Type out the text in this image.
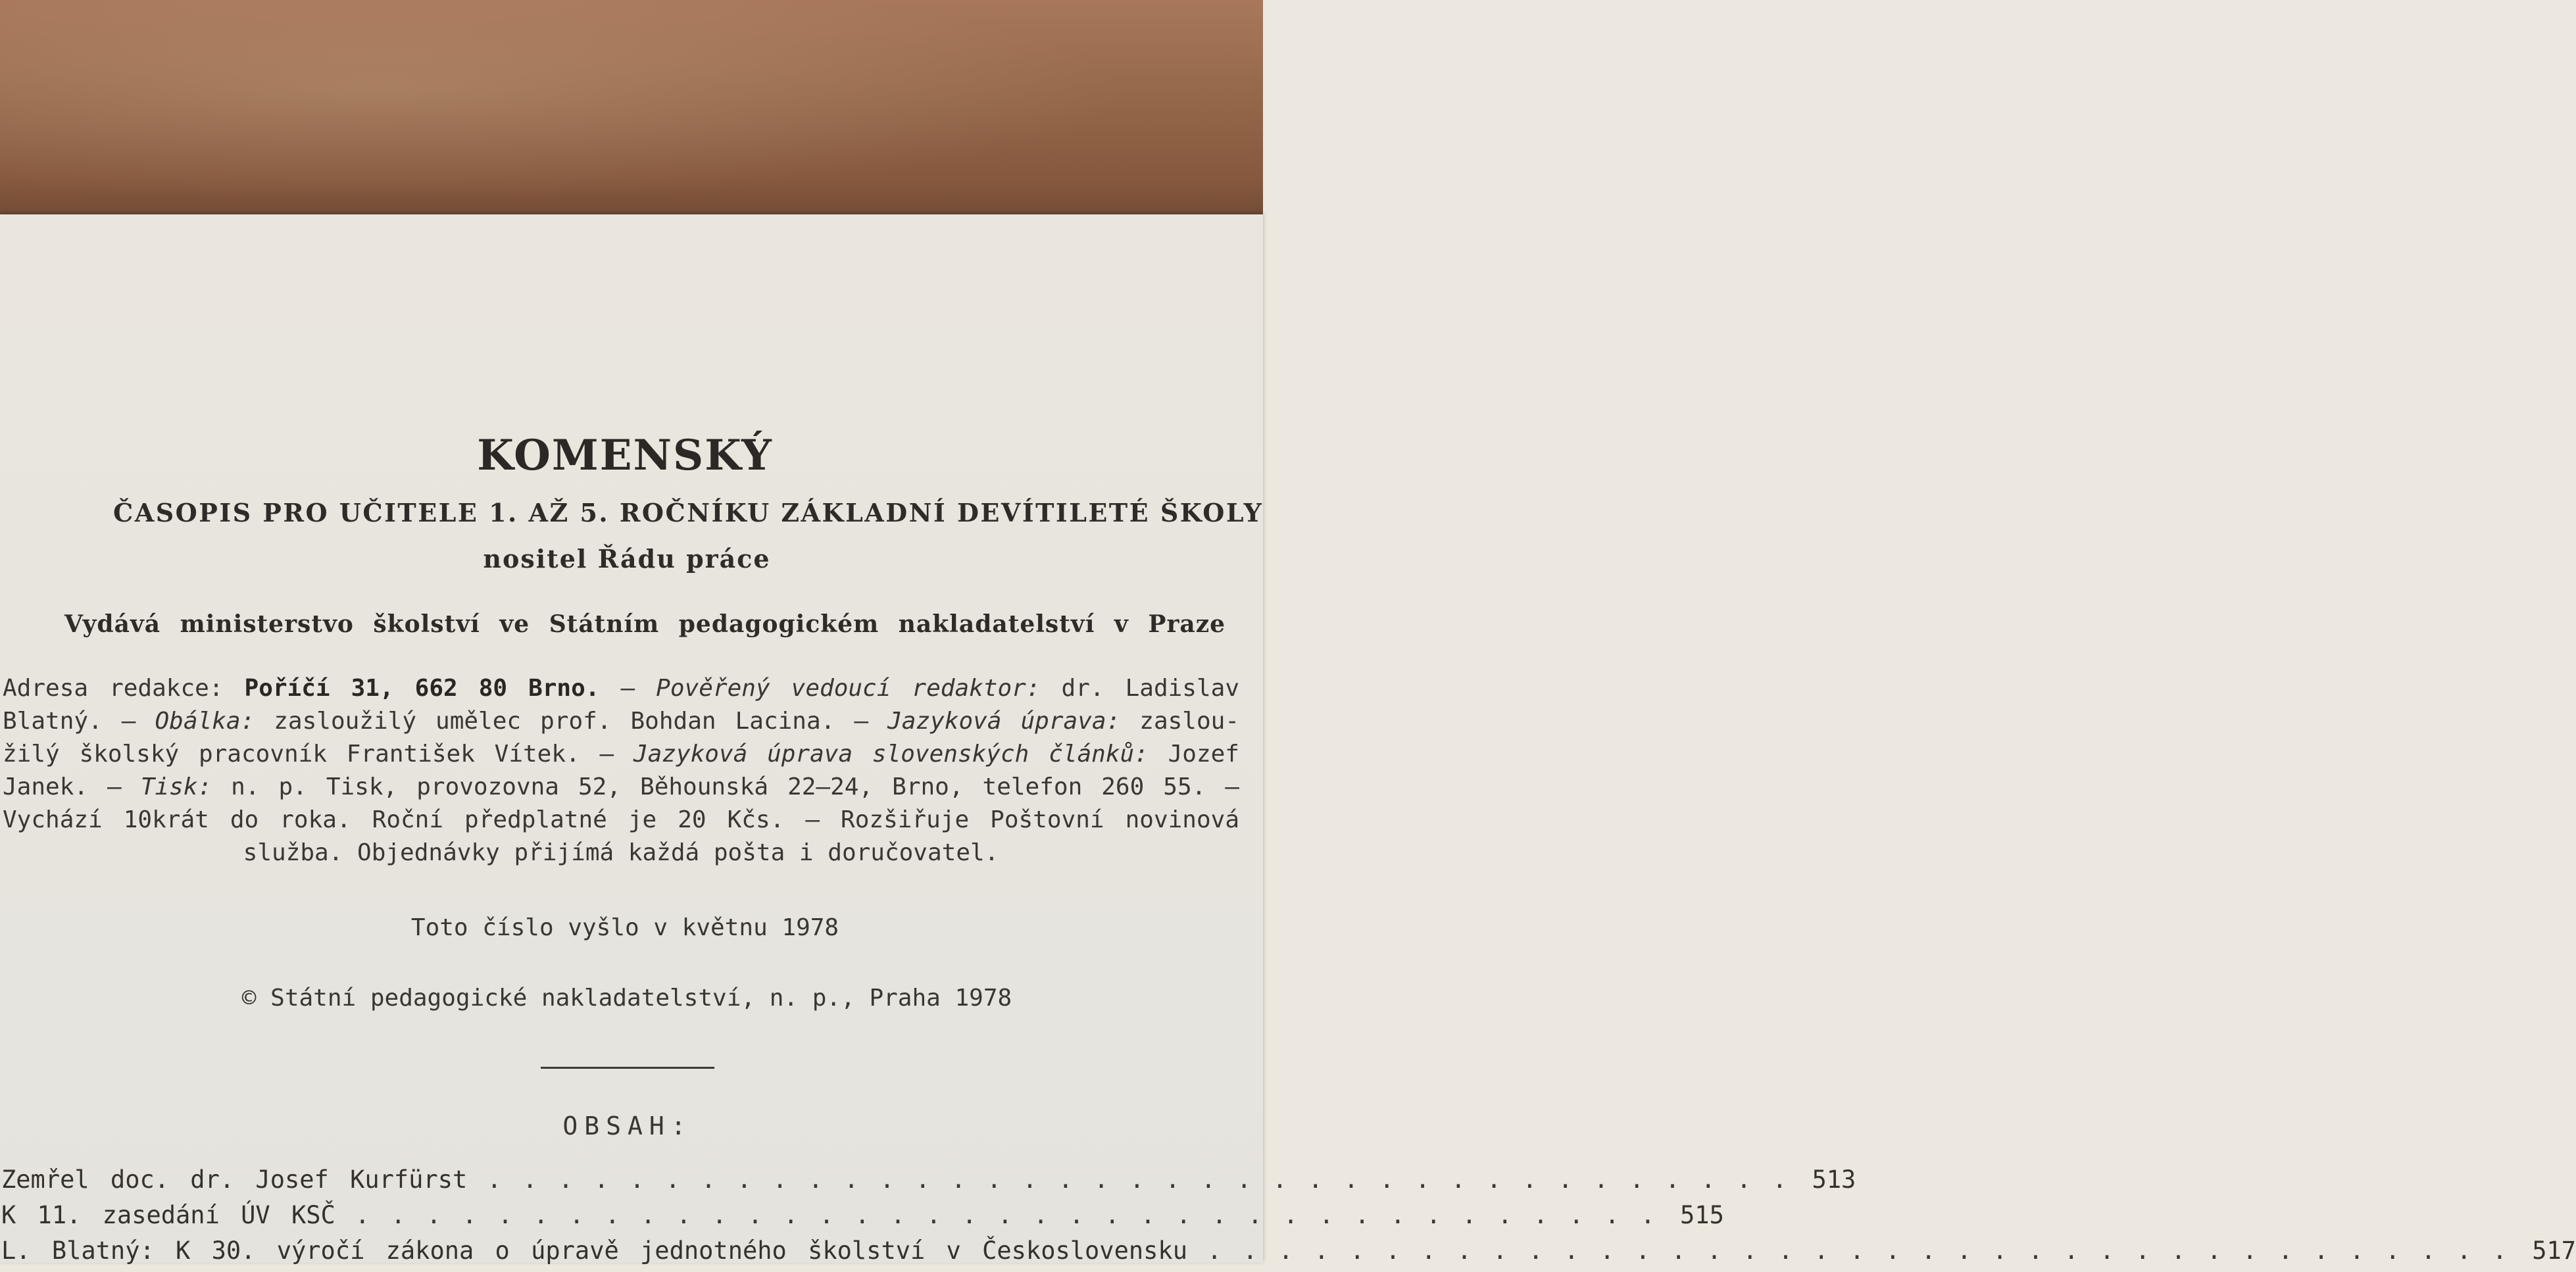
KOMENSKÝ
ČASOPIS PRO UČITELE 1. AŽ 5. ROČNÍKU ZÁKLADNÍ DEVÍTILETÉ ŠKOLY
nositel Řádu práce
Vydává ministerstvo školství ve Státním pedagogickém nakladatelství v Praze
Adresa redakce: Poříčí 31, 662 80 Brno. — Pověřený vedoucí redaktor: dr. Ladislav
Blatný. — Obálka: zasloužilý umělec prof. Bohdan Lacina. — Jazyková úprava: zaslou-
žilý školský pracovník František Vítek. — Jazyková úprava slovenských článků: Jozef
Janek. — Tisk: n. p. Tisk, provozovna 52, Běhounská 22—24, Brno, telefon 260 55. —
Vychází 10krát do roka. Roční předplatné je 20 Kčs. — Rozšiřuje Poštovní novinová
služba. Objednávky přijímá každá pošta i doručovatel.
Toto číslo vyšlo v květnu 1978
© Státní pedagogické nakladatelství, n. p., Praha 1978
OBSAH:
Zemřel doc. dr. Josef Kurfürst ..................................... 513
K 11. zasedání ÚV KSČ ..................................... 515
L. Blatný: K 30. výročí zákona o úpravě jednotného školství v Československu ..................................... 517
